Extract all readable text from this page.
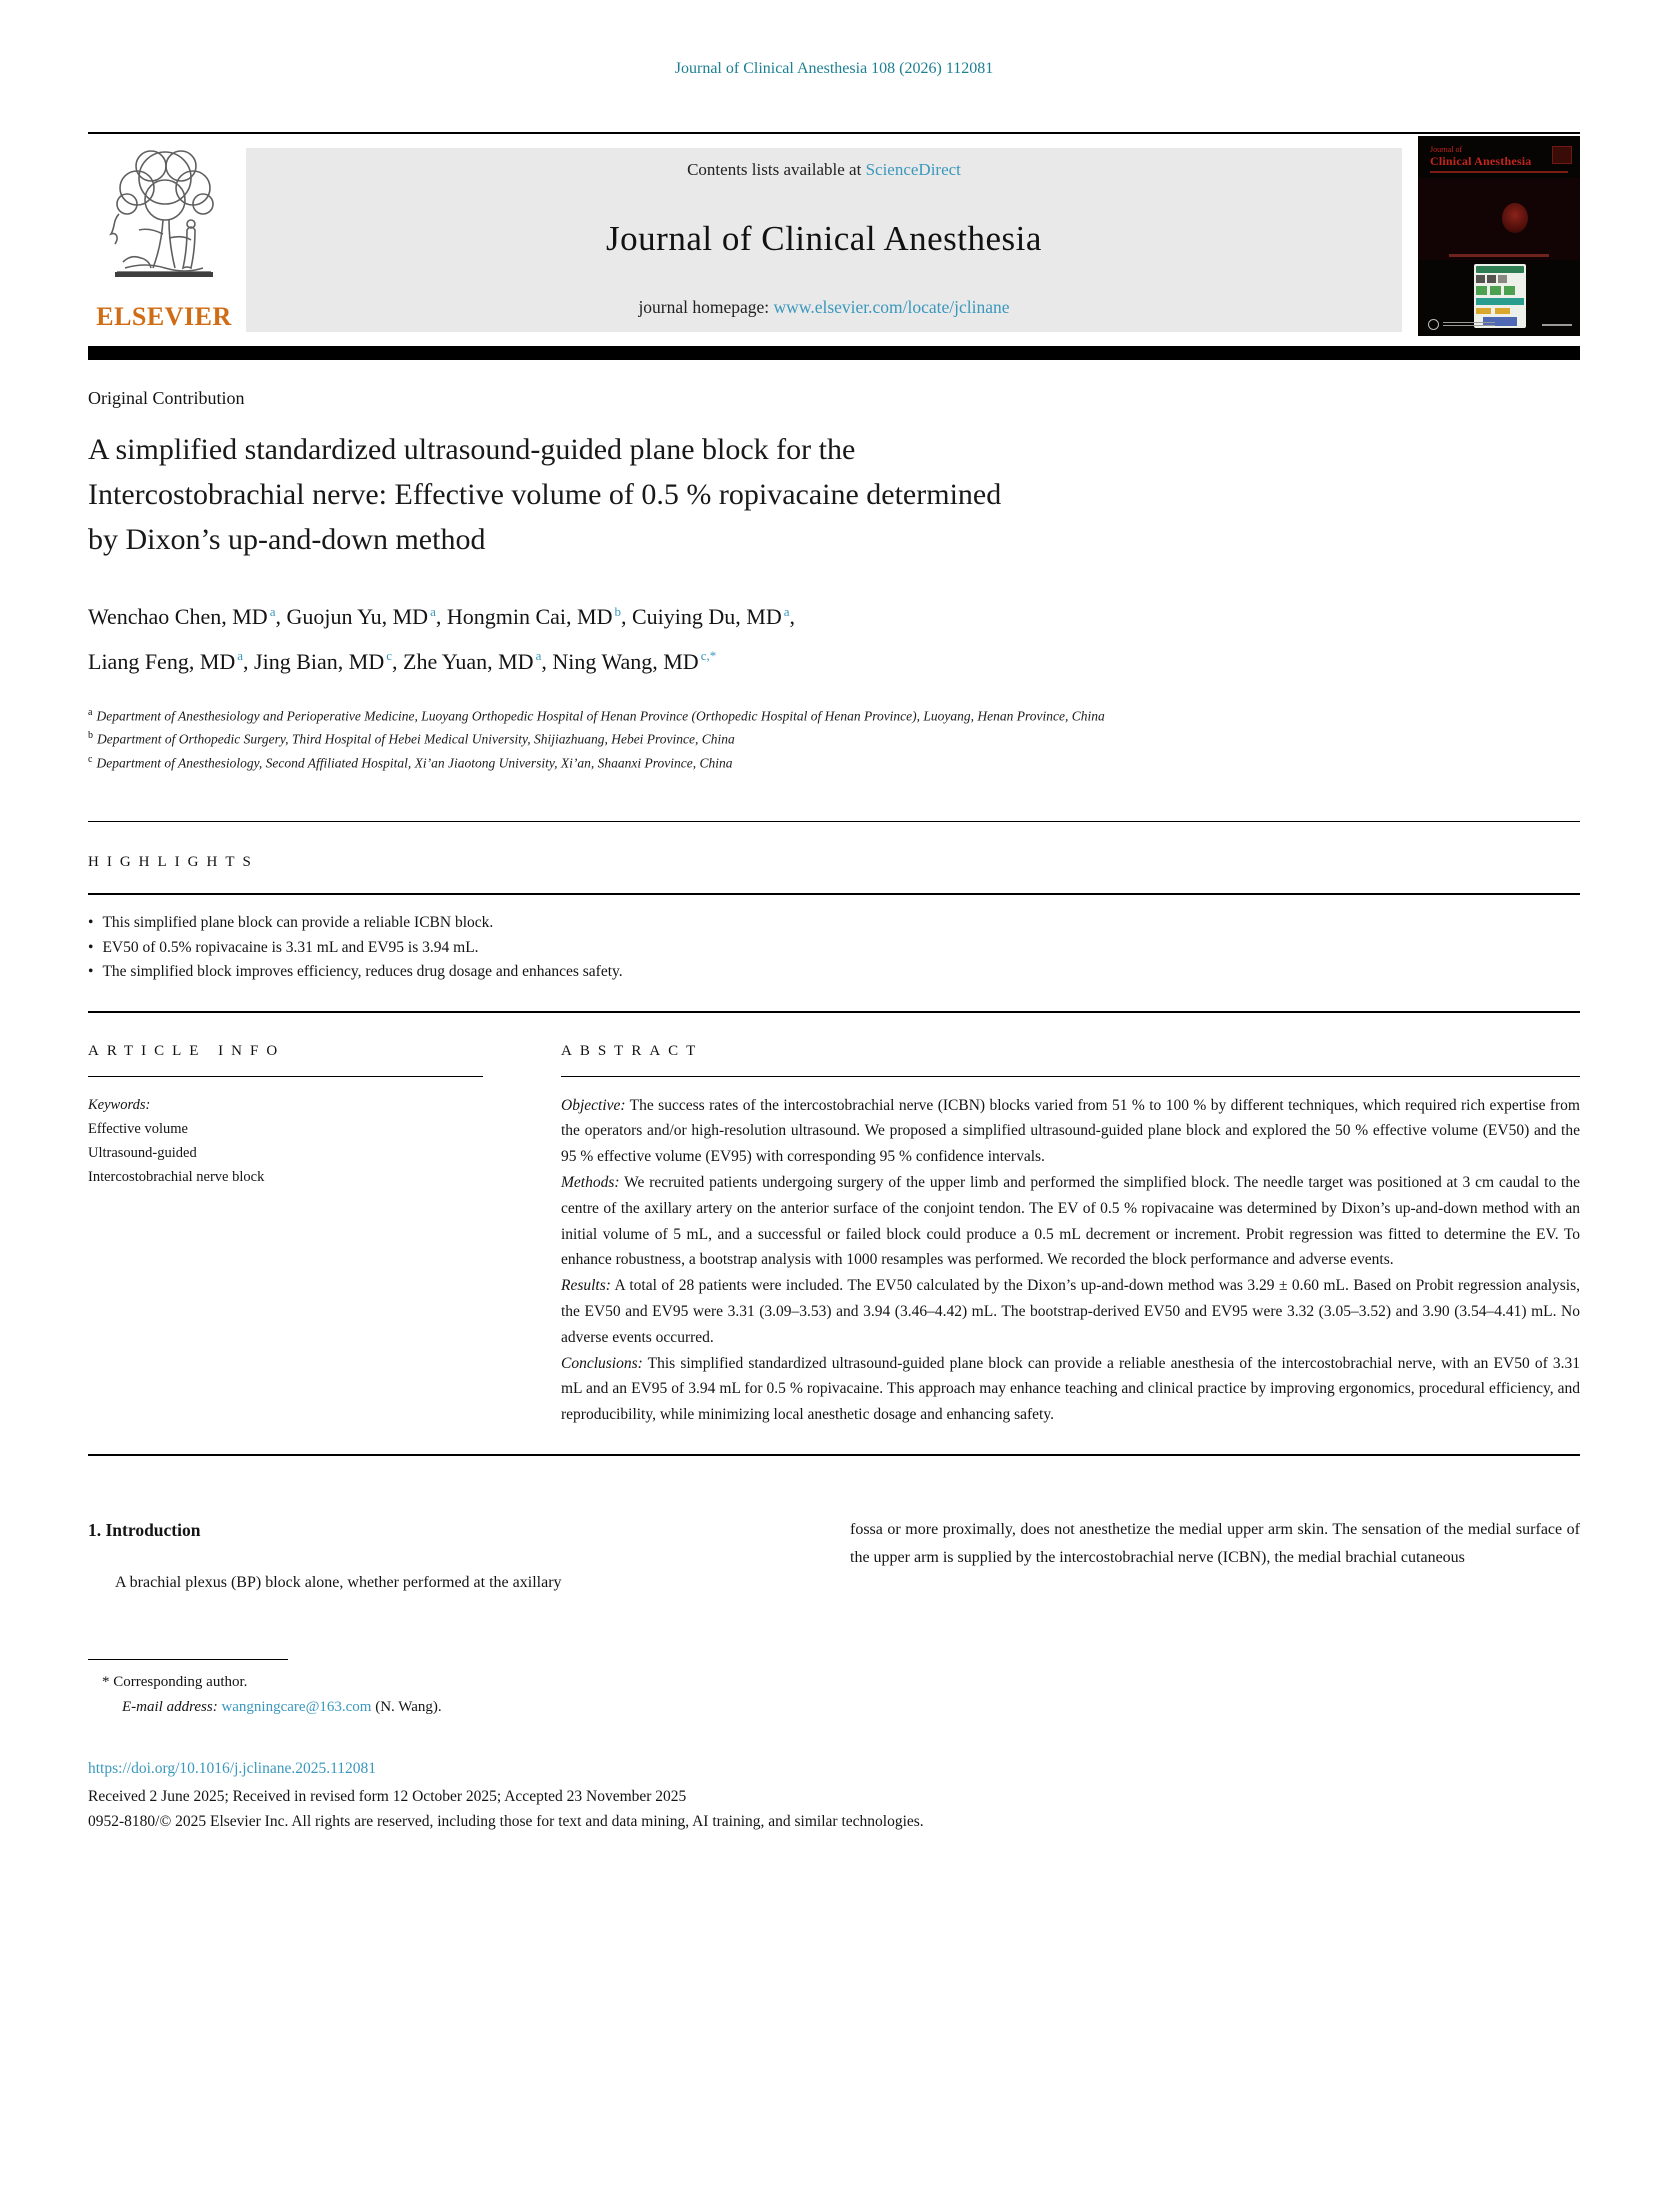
Journal of Clinical Anesthesia 108 (2026) 112081
ELSEVIER
Contents lists available at ScienceDirect
Journal of Clinical Anesthesia
journal homepage: www.elsevier.com/locate/jclinane
Journal of
Clinical Anesthesia
Original Contribution
A simplified standardized ultrasound-guided plane block for the
Intercostobrachial nerve: Effective volume of 0.5 % ropivacaine determined
by Dixon’s up-and-down method
Wenchao Chen, MD $^a$, Guojun Yu, MD $^a$, Hongmin Cai, MD $^b$, Cuiying Du, MD $^a$,
Liang Feng, MD $^a$, Jing Bian, MD $^c$, Zhe Yuan, MD $^a$, Ning Wang, MD $^{c,*}$
$^a$ Department of Anesthesiology and Perioperative Medicine, Luoyang Orthopedic Hospital of Henan Province (Orthopedic Hospital of Henan Province), Luoyang, Henan Province, China
$^b$ Department of Orthopedic Surgery, Third Hospital of Hebei Medical University, Shijiazhuang, Hebei Province, China
$^c$ Department of Anesthesiology, Second Affiliated Hospital, Xi’an Jiaotong University, Xi’an, Shaanxi Province, China
HIGHLIGHTS
• This simplified plane block can provide a reliable ICBN block.
• EV50 of 0.5% ropivacaine is 3.31 mL and EV95 is 3.94 mL.
• The simplified block improves efficiency, reduces drug dosage and enhances safety.
ARTICLE INFO
Keywords:
Effective volume
Ultrasound-guided
Intercostobrachial nerve block
ABSTRACT

Objective: The success rates of the intercostobrachial nerve (ICBN) blocks varied from 51 % to 100 % by different techniques, which required rich expertise from the operators and/or high-resolution ultrasound. We proposed a simplified ultrasound-guided plane block and explored the 50 % effective volume (EV50) and the 95 % effective volume (EV95) with corresponding 95 % confidence intervals.

Methods: We recruited patients undergoing surgery of the upper limb and performed the simplified block. The needle target was positioned at 3 cm caudal to the centre of the axillary artery on the anterior surface of the conjoint tendon. The EV of 0.5 % ropivacaine was determined by Dixon’s up-and-down method with an initial volume of 5 mL, and a successful or failed block could produce a 0.5 mL decrement or increment. Probit regression was fitted to determine the EV. To enhance robustness, a bootstrap analysis with 1000 resamples was performed. We recorded the block performance and adverse events.

Results: A total of 28 patients were included. The EV50 calculated by the Dixon’s up-and-down method was 3.29 ± 0.60 mL. Based on Probit regression analysis, the EV50 and EV95 were 3.31 (3.09–3.53) and 3.94 (3.46–4.42) mL. The bootstrap-derived EV50 and EV95 were 3.32 (3.05–3.52) and 3.90 (3.54–4.41) mL. No adverse events occurred.

Conclusions: This simplified standardized ultrasound-guided plane block can provide a reliable anesthesia of the intercostobrachial nerve, with an EV50 of 3.31 mL and an EV95 of 3.94 mL for 0.5 % ropivacaine. This approach may enhance teaching and clinical practice by improving ergonomics, procedural efficiency, and reproducibility, while minimizing local anesthetic dosage and enhancing safety.

1. Introduction

A brachial plexus (BP) block alone, whether performed at the axillary

fossa or more proximally, does not anesthetize the medial upper arm skin. The sensation of the medial surface of the upper arm is supplied by the intercostobrachial nerve (ICBN), the medial brachial cutaneous

* Corresponding author.
E-mail address: wangningcare@163.com (N. Wang).
https://doi.org/10.1016/j.jclinane.2025.112081
Received 2 June 2025; Received in revised form 12 October 2025; Accepted 23 November 2025
0952-8180/© 2025 Elsevier Inc. All rights are reserved, including those for text and data mining, AI training, and similar technologies.
